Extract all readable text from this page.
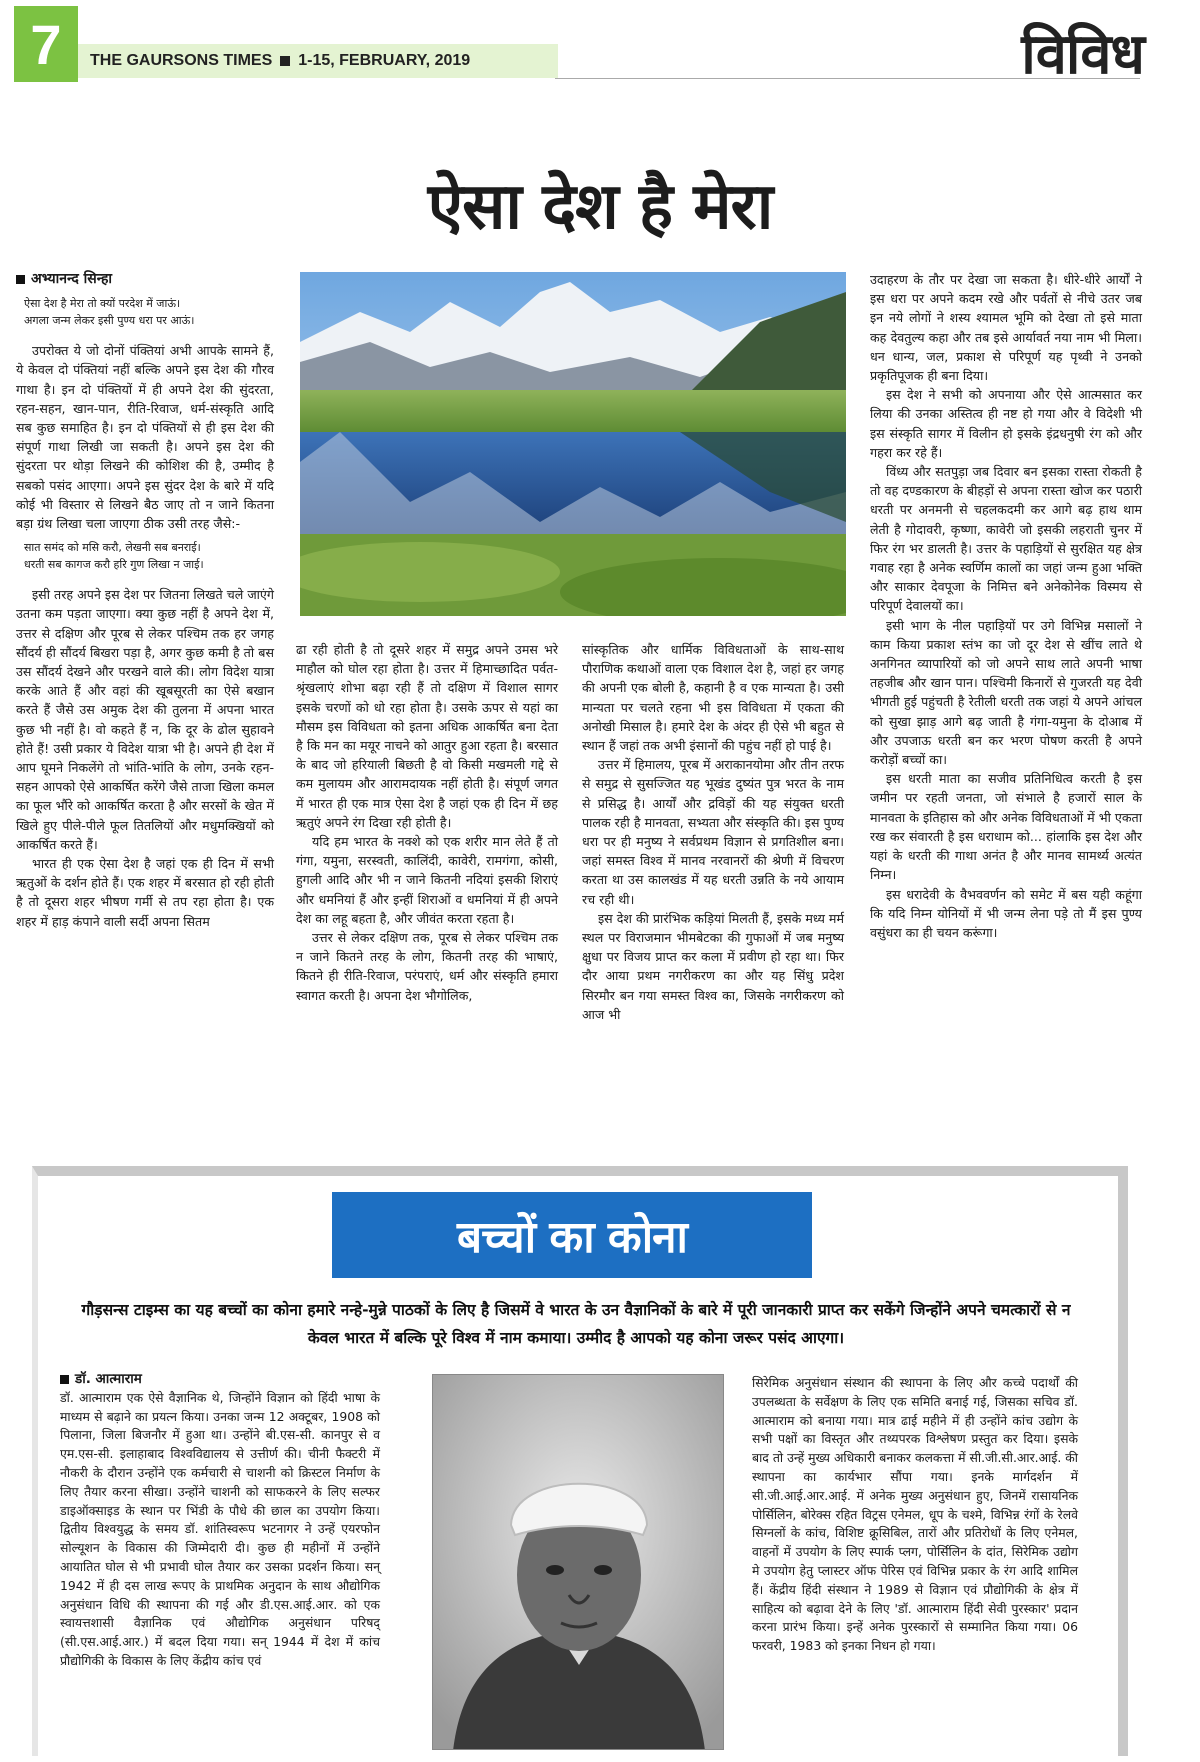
7	THE GAURSONS TIMES 1-15, FEBRUARY, 2019	विविध
ऐसा देश है मेरा
अभ्यानन्द सिन्हा
ऐसा देश है मेरा तो क्यों परदेश में जाऊं।
अगला जन्म लेकर इसी पुण्य धरा पर आऊं।

उपरोक्त ये जो दोनों पंक्तियां अभी आपके सामने हैं, ये केवल दो पंक्तियां नहीं बल्कि अपने इस देश की गौरव गाथा है। इन दो पंक्तियों में ही अपने देश की सुंदरता, रहन-सहन, खान-पान, रीति-रिवाज, धर्म-संस्कृति आदि सब कुछ समाहित है। इन दो पंक्तियों से ही इस देश की संपूर्ण गाथा लिखी जा सकती है। अपने इस देश की सुंदरता पर थोड़ा लिखने की कोशिश की है, उम्मीद है सबको पसंद आएगा। अपने इस सुंदर देश के बारे में यदि कोई भी विस्तार से लिखने बैठ जाए तो न जाने कितना बड़ा ग्रंथ लिखा चला जाएगा ठीक उसी तरह जैसे:-

सात समंद को मसि करौ, लेखनी सब बनराई।
धरती सब कागज करौ हरि गुण लिखा न जाई।

इसी तरह अपने इस देश पर जितना लिखते चले जाएंगे उतना कम पड़ता जाएगा। क्या कुछ नहीं है अपने देश में, उत्तर से दक्षिण और पूरब से लेकर पश्चिम तक हर जगह सौंदर्य ही सौंदर्य बिखरा पड़ा है, अगर कुछ कमी है तो बस उस सौंदर्य देखने और परखने वाले की। लोग विदेश यात्रा करके आते हैं और वहां की खूबसूरती का ऐसे बखान करते हैं जैसे उस अमुक देश की तुलना में अपना भारत कुछ भी नहीं है। वो कहते हैं न, कि दूर के ढोल सुहावने होते हैं! उसी प्रकार ये विदेश यात्रा भी है। अपने ही देश में आप घूमने निकलेंगे तो भांति-भांति के लोग, उनके रहन-सहन आपको ऐसे आकर्षित करेंगे जैसे ताजा खिला कमल का फूल भौंरे को आकर्षित करता है और सरसों के खेत में खिले हुए पीले-पीले फूल तितलियों और मधुमक्खियों को आकर्षित करते हैं।

भारत ही एक ऐसा देश है जहां एक ही दिन में सभी ऋतुओं के दर्शन होते हैं। एक शहर में बरसात हो रही होती है तो दूसरा शहर भीषण गर्मी से तप रहा होता है। एक शहर में हाड़ कंपाने वाली सर्दी अपना सितम

ढा रही होती है तो दूसरे शहर में समुद्र अपने उमस भरे माहौल को घोल रहा होता है। उत्तर में हिमाच्छादित पर्वत-श्रृंखलाएं शोभा बढ़ा रही हैं तो दक्षिण में विशाल सागर इसके चरणों को धो रहा होता है। उसके ऊपर से यहां का मौसम इस विविधता को इतना अधिक आकर्षित बना देता है कि मन का मयूर नाचने को आतुर हुआ रहता है। बरसात के बाद जो हरियाली बिछती है वो किसी मखमली गद्दे से कम मुलायम और आरामदायक नहीं होती है। संपूर्ण जगत में भारत ही एक मात्र ऐसा देश है जहां एक ही दिन में छह ऋतुएं अपने रंग दिखा रही होती है।

यदि हम भारत के नक्शे को एक शरीर मान लेते हैं तो गंगा, यमुना, सरस्वती, कालिंदी, कावेरी, रामगंगा, कोसी, हुगली आदि और भी न जाने कितनी नदियां इसकी शिराएं और धमनियां हैं और इन्हीं शिराओं व धमनियां में ही अपने देश का लहू बहता है, और जीवंत करता रहता है।

उत्तर से लेकर दक्षिण तक, पूरब से लेकर पश्चिम तक न जाने कितने तरह के लोग, कितनी तरह की भाषाएं, कितने ही रीति-रिवाज, परंपराएं, धर्म और संस्कृति हमारा स्वागत करती है। अपना देश भौगोलिक,

सांस्कृतिक और धार्मिक विविधताओं के साथ-साथ पौराणिक कथाओं वाला एक विशाल देश है, जहां हर जगह की अपनी एक बोली है, कहानी है व एक मान्यता है। उसी मान्यता पर चलते रहना भी इस विविधता में एकता की अनोखी मिसाल है। हमारे देश के अंदर ही ऐसे भी बहुत से स्थान हैं जहां तक अभी इंसानों की पहुंच नहीं हो पाई है।

उत्तर में हिमालय, पूरब में अराकानयोमा और तीन तरफ से समुद्र से सुसज्जित यह भूखंड दुष्यंत पुत्र भरत के नाम से प्रसिद्ध है। आर्यों और द्रविड़ों की यह संयुक्त धरती पालक रही है मानवता, सभ्यता और संस्कृति की। इस पुण्य धरा पर ही मनुष्य ने सर्वप्रथम विज्ञान से प्रगतिशील बना। जहां समस्त विश्व में मानव नरवानरों की श्रेणी में विचरण करता था उस कालखंड में यह धरती उन्नति के नये आयाम रच रही थी।

इस देश की प्रारंभिक कड़ियां मिलती हैं, इसके मध्य मर्म स्थल पर विराजमान भीमबेटका की गुफाओं में जब मनुष्य क्षुधा पर विजय प्राप्त कर कला में प्रवीण हो रहा था। फिर दौर आया प्रथम नगरीकरण का और यह सिंधु प्रदेश सिरमौर बन गया समस्त विश्व का, जिसके नगरीकरण को आज भी

उदाहरण के तौर पर देखा जा सकता है। धीरे-धीरे आर्यों ने इस धरा पर अपने कदम रखे और पर्वतों से नीचे उतर जब इन नये लोगों ने शस्य श्यामल भूमि को देखा तो इसे माता कह देवतुल्य कहा और तब इसे आर्यावर्त नया नाम भी मिला। धन धान्य, जल, प्रकाश से परिपूर्ण यह पृथ्वी ने उनको प्रकृतिपूजक ही बना दिया।

इस देश ने सभी को अपनाया और ऐसे आत्मसात कर लिया की उनका अस्तित्व ही नष्ट हो गया और वे विदेशी भी इस संस्कृति सागर में विलीन हो इसके इंद्रधनुषी रंग को और गहरा कर रहे हैं।

विंध्य और सतपुड़ा जब दिवार बन इसका रास्ता रोकती है तो वह दण्डकारण के बीहड़ों से अपना रास्ता खोज कर पठारी धरती पर अनमनी से चहलकदमी कर आगे बढ़ हाथ थाम लेती है गोदावरी, कृष्णा, कावेरी जो इसकी लहराती चुनर में फिर रंग भर डालती है। उत्तर के पहाड़ियों से सुरक्षित यह क्षेत्र गवाह रहा है अनेक स्वर्णिम कालों का जहां जन्म हुआ भक्ति और साकार देवपूजा के निमित्त बने अनेकोनेक विस्मय से परिपूर्ण देवालयों का।

इसी भाग के नील पहाड़ियों पर उगे विभिन्न मसालों ने काम किया प्रकाश स्तंभ का जो दूर देश से खींच लाते थे अनगिनत व्यापारियों को जो अपने साथ लाते अपनी भाषा तहजीब और खान पान। पश्चिमी किनारों से गुजरती यह देवी भीगती हुई पहुंचती है रेतीली धरती तक जहां ये अपने आंचल को सुखा झाड़ आगे बढ़ जाती है गंगा-यमुना के दोआब में और उपजाऊ धरती बन कर भरण पोषण करती है अपने करोड़ों बच्चों का।

इस धरती माता का सजीव प्रतिनिधित्व करती है इस जमीन पर रहती जनता, जो संभाले है हजारों साल के मानवता के इतिहास को और अनेक विविधताओं में भी एकता रख कर संवारती है इस धराधाम को... हांलाकि इस देश और यहां के धरती की गाथा अनंत है और मानव सामर्थ्य अत्यंत निम्न।

इस धरादेवी के वैभववर्णन को समेट में बस यही कहूंगा कि यदि निम्न योनियों में भी जन्म लेना पड़े तो मैं इस पुण्य वसुंधरा का ही चयन करूंगा।

बच्चों का कोना
गौड़सन्स टाइम्स का यह बच्चों का कोना हमारे नन्हे-मुन्ने पाठकों के लिए है जिसमें वे भारत के उन वैज्ञानिकों के बारे में पूरी जानकारी प्राप्त कर सकेंगे जिन्होंने अपने चमत्कारों से न केवल भारत में बल्कि पूरे विश्व में नाम कमाया। उम्मीद है आपको यह कोना जरूर पसंद आएगा।
डॉ. आत्माराम

डॉ. आत्माराम एक ऐसे वैज्ञानिक थे, जिन्होंने विज्ञान को हिंदी भाषा के माध्यम से बढ़ाने का प्रयत्न किया। उनका जन्म 12 अक्टूबर, 1908 को पिलाना, जिला बिजनौर में हुआ था। उन्होंने बी.एस-सी. कानपुर से व एम.एस-सी. इलाहाबाद विश्वविद्यालय से उत्तीर्ण की। चीनी फैक्टरी में नौकरी के दौरान उन्होंने एक कर्मचारी से चाशनी को क्रिस्टल निर्माण के लिए तैयार करना सीखा। उन्होंने चाशनी को साफकरने के लिए सल्फर डाइऑक्साइड के स्थान पर भिंडी के पौधे की छाल का उपयोग किया। द्वितीय विश्वयुद्ध के समय डॉ. शांतिस्वरूप भटनागर ने उन्हें एयरफोन सोल्यूशन के विकास की जिम्मेदारी दी। कुछ ही महीनों में उन्होंने आयातित घोल से भी प्रभावी घोल तैयार कर उसका प्रदर्शन किया। सन् 1942 में ही दस लाख रूपए के प्राथमिक अनुदान के साथ औद्योगिक अनुसंधान विधि की स्थापना की गई और डी.एस.आई.आर. को एक स्वायत्तशासी वैज्ञानिक एवं औद्योगिक अनुसंधान परिषद् (सी.एस.आई.आर.) में बदल दिया गया। सन् 1944 में देश में कांच प्रौद्योगिकी के विकास के लिए केंद्रीय कांच एवं

सिरेमिक अनुसंधान संस्थान की स्थापना के लिए और कच्चे पदार्थों की उपलब्धता के सर्वेक्षण के लिए एक समिति बनाई गई, जिसका सचिव डॉ. आत्माराम को बनाया गया। मात्र ढाई महीने में ही उन्होंने कांच उद्योग के सभी पक्षों का विस्तृत और तथ्यपरक विश्लेषण प्रस्तुत कर दिया। इसके बाद तो उन्हें मुख्य अधिकारी बनाकर कलकत्ता में सी.जी.सी.आर.आई. की स्थापना का कार्यभार सौंपा गया। इनके मार्गदर्शन में सी.जी.आई.आर.आई. में अनेक मुख्य अनुसंधान हुए, जिनमें रासायनिक पोर्सिलिन, बोरेक्स रहित विट्रस एनेमल, धूप के चश्मे, विभिन्न रंगों के रेलवे सिग्नलों के कांच, विशिष्ट क्रूसिबिल, तारों और प्रतिरोधों के लिए एनेमल, वाहनों में उपयोग के लिए स्पार्क प्लग, पोर्सिलिन के दांत, सिरेमिक उद्योग मे उपयोग हेतु प्लास्टर ऑफ पेरिस एवं विभिन्न प्रकार के रंग आदि शामिल हैं। केंद्रीय हिंदी संस्थान ने 1989 से विज्ञान एवं प्रौद्योगिकी के क्षेत्र में साहित्य को बढ़ावा देने के लिए 'डॉ. आत्माराम हिंदी सेवी पुरस्कार' प्रदान करना प्रारंभ किया। इन्हें अनेक पुरस्कारों से सम्मानित किया गया। 06 फरवरी, 1983 को इनका निधन हो गया।
